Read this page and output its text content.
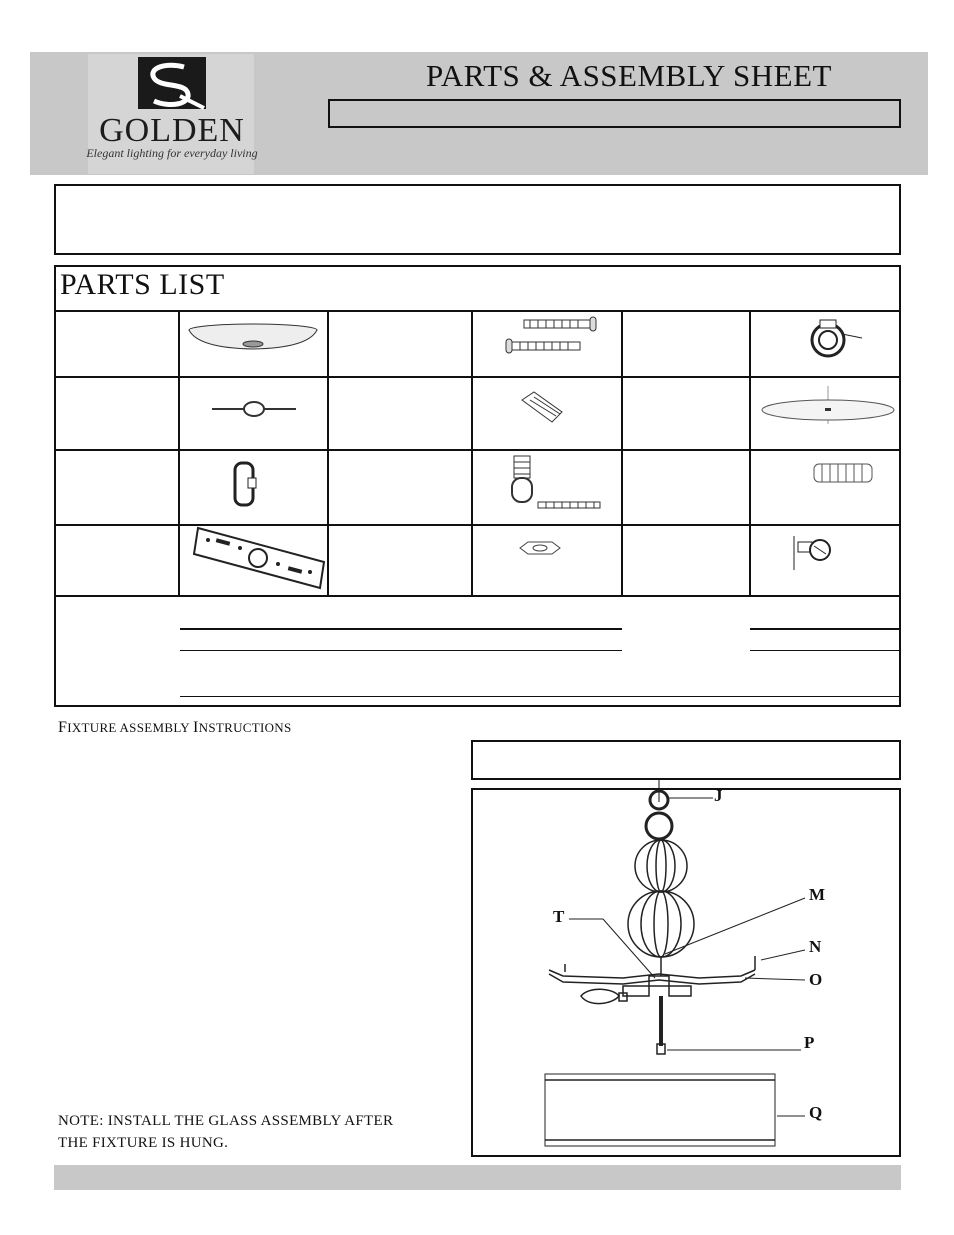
GOLDEN
Elegant lighting for everyday living
PARTS & ASSEMBLY SHEET
PARTS LIST
FIXTURE ASSEMBLY INSTRUCTIONS
J
M
T
N
O
P
Q
NOTE: INSTALL THE GLASS ASSEMBLY AFTER
THE FIXTURE IS HUNG.
